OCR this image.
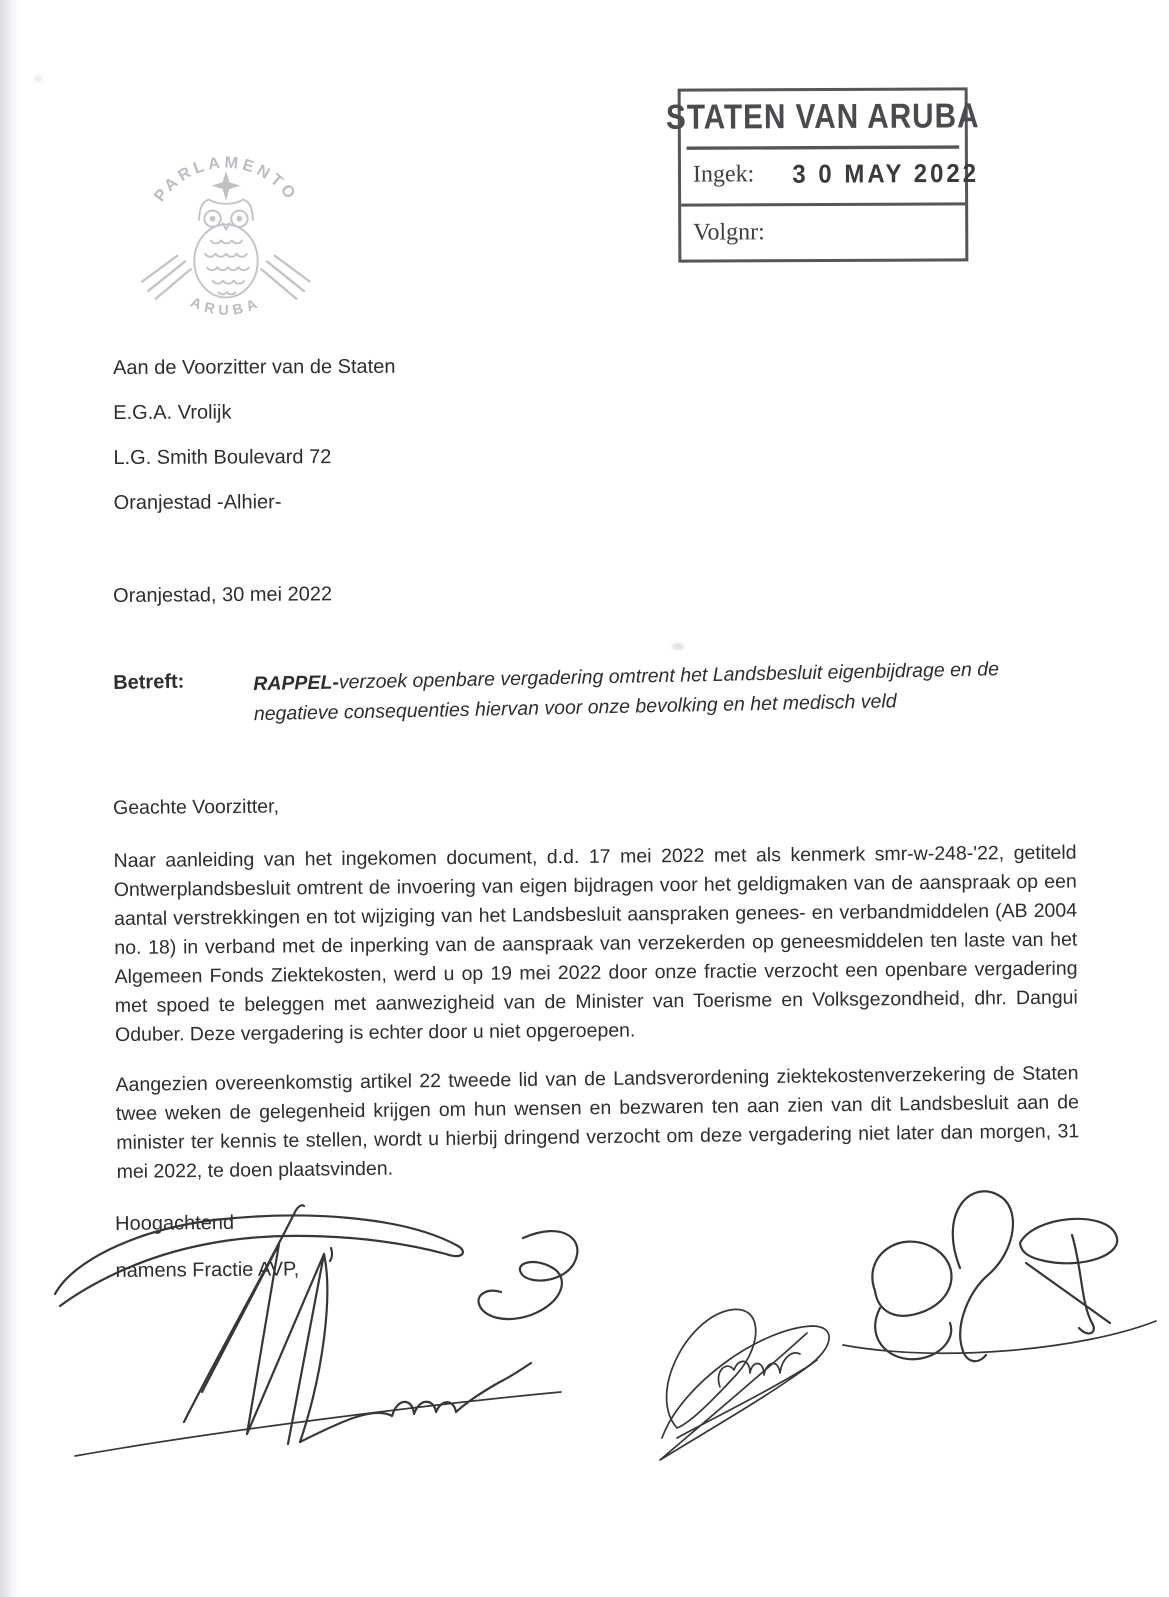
PARLAMENTO
ARUBA
STATEN VAN ARUBA
Ingek: 3 0 MAY 2022
Volgnr:

Aan de Voorzitter van de Staten

E.G.A. Vrolijk

L.G. Smith Boulevard 72

Oranjestad -Alhier-

Oranjestad, 30 mei 2022
Betreft:	RAPPEL-verzoek openbare vergadering omtrent het Landsbesluit eigenbijdrage en de negatieve consequenties hiervan voor onze bevolking en het medisch veld

Geachte Voorzitter,

Naar aanleiding van het ingekomen document, d.d. 17 mei 2022 met als kenmerk smr-w-248-'22, getiteld Ontwerplandsbesluit omtrent de invoering van eigen bijdragen voor het geldigmaken van de aanspraak op een aantal verstrekkingen en tot wijziging van het Landsbesluit aanspraken genees- en verbandmiddelen (AB 2004 no. 18) in verband met de inperking van de aanspraak van verzekerden op geneesmiddelen ten laste van het Algemeen Fonds Ziektekosten, werd u op 19 mei 2022 door onze fractie verzocht een openbare vergadering met spoed te beleggen met aanwezigheid van de Minister van Toerisme en Volksgezondheid, dhr. Dangui Oduber. Deze vergadering is echter door u niet opgeroepen.

Aangezien overeenkomstig artikel 22 tweede lid van de Landsverordening ziektekostenverzekering de Staten twee weken de gelegenheid krijgen om hun wensen en bezwaren ten aan zien van dit Landsbesluit aan de minister ter kennis te stellen, wordt u hierbij dringend verzocht om deze vergadering niet later dan morgen, 31 mei 2022, te doen plaatsvinden.

Hoogachtend

namens Fractie AVP,
